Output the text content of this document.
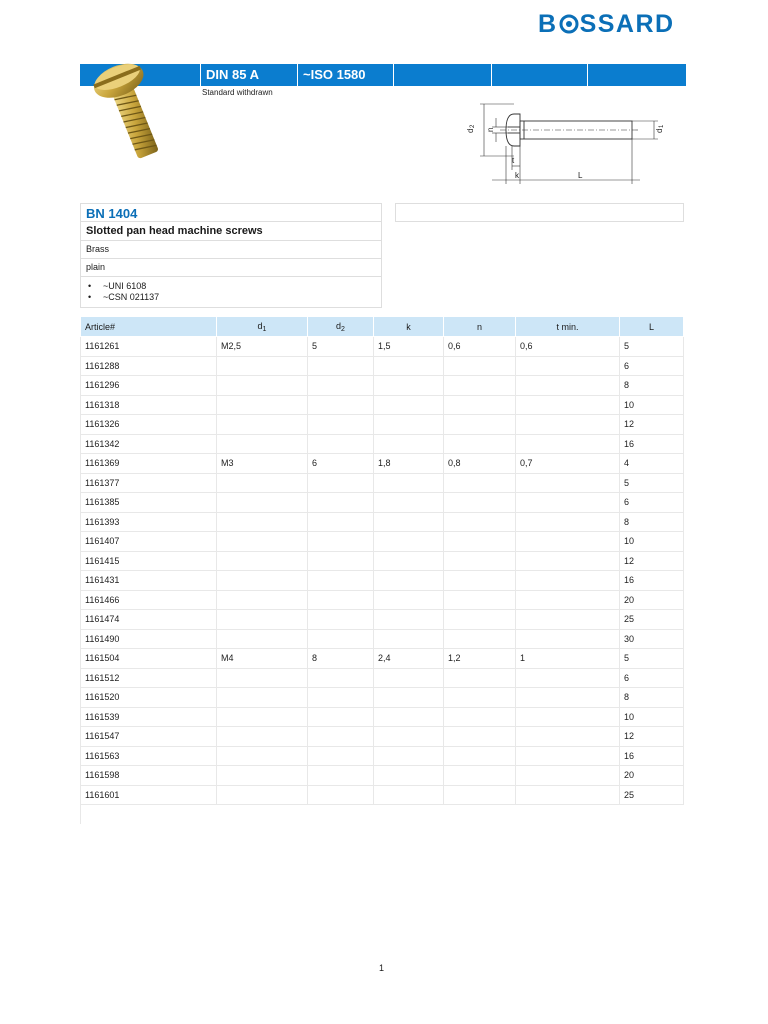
B SSARD
DIN 85 A	~ISO 1580
Standard withdrawn
d
2
n	d
1
t
k	L
BN 1404
Slotted pan head machine screws
Brass
plain
• ~UNI 6108
• ~CSN 021137
Article#	$d_1$	$d_2$	k	n	t min.	L
1161261	M2,5	5	1,5	0,6	0,6	5
1161288						6
1161296						8
1161318						10
1161326						12
1161342						16
1161369	M3	6	1,8	0,8	0,7	4
1161377						5
1161385						6
1161393						8
1161407						10
1161415						12
1161431						16
1161466						20
1161474						25
1161490						30
1161504	M4	8	2,4	1,2	1	5
1161512						6
1161520						8
1161539						10
1161547						12
1161563						16
1161598						20
1161601						25
1
